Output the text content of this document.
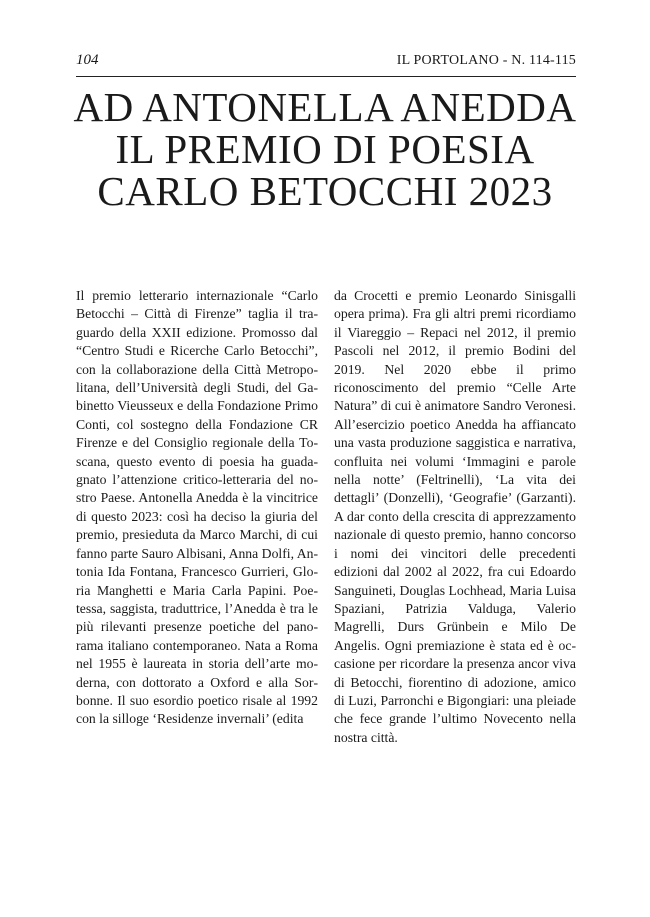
104	IL PORTOLANO - N. 114-115
AD ANTONELLA ANEDDA
IL PREMIO DI POESIA
CARLO BETOCCHI 2023

Il premio letterario internazionale “Carlo Betocchi – Città di Firenze” taglia il traguardo della XXII edizione. Promosso dal “Centro Studi e Ricerche Carlo Betocchi”, con la collaborazione della Città Metropolitana, dell’Università degli Studi, del Gabinetto Vieusseux e della Fondazione Primo Conti, col sostegno della Fondazione CR Firenze e del Consiglio regionale della Toscana, questo evento di poesia ha guadagnato l’attenzione critico-letteraria del nostro Paese. Antonella Anedda è la vincitrice di questo 2023: così ha deciso la giuria del premio, presieduta da Marco Marchi, di cui fanno parte Sauro Albisani, Anna Dolfi, Antonia Ida Fontana, Francesco Gurrieri, Gloria Manghetti e Maria Carla Papini. Poetessa, saggista, traduttrice, l’Anedda è tra le più rilevanti presenze poetiche del panorama italiano contemporaneo. Nata a Roma nel 1955 è laureata in storia dell’arte moderna, con dottorato a Oxford e alla Sorbonne. Il suo esordio poetico risale al 1992 con la silloge ‘Residenze invernali’ (edita

da Crocetti e premio Leonardo Sinisgalli opera prima). Fra gli altri premi ricordiamo il Viareggio – Repaci nel 2012, il premio Pascoli nel 2012, il premio Bodini del 2019. Nel 2020 ebbe il primo riconoscimento del premio “Celle Arte Natura” di cui è animatore Sandro Veronesi. All’esercizio poetico Anedda ha affiancato una vasta produzione saggistica e narrativa, confluita nei volumi ‘Immagini e parole nella notte’ (Feltrinelli), ‘La vita dei dettagli’ (Donzelli), ‘Geografie’ (Garzanti). A dar conto della crescita di apprezzamento nazionale di questo premio, hanno concorso i nomi dei vincitori delle precedenti edizioni dal 2002 al 2022, fra cui Edoardo Sanguineti, Douglas Lochhead, Maria Luisa Spaziani, Patrizia Valduga, Valerio Magrelli, Durs Grünbein e Milo De Angelis. Ogni premiazione è stata ed è occasione per ricordare la presenza ancor viva di Betocchi, fiorentino di adozione, amico di Luzi, Parronchi e Bigongiari: una pleiade che fece grande l’ultimo Novecento nella nostra città.
